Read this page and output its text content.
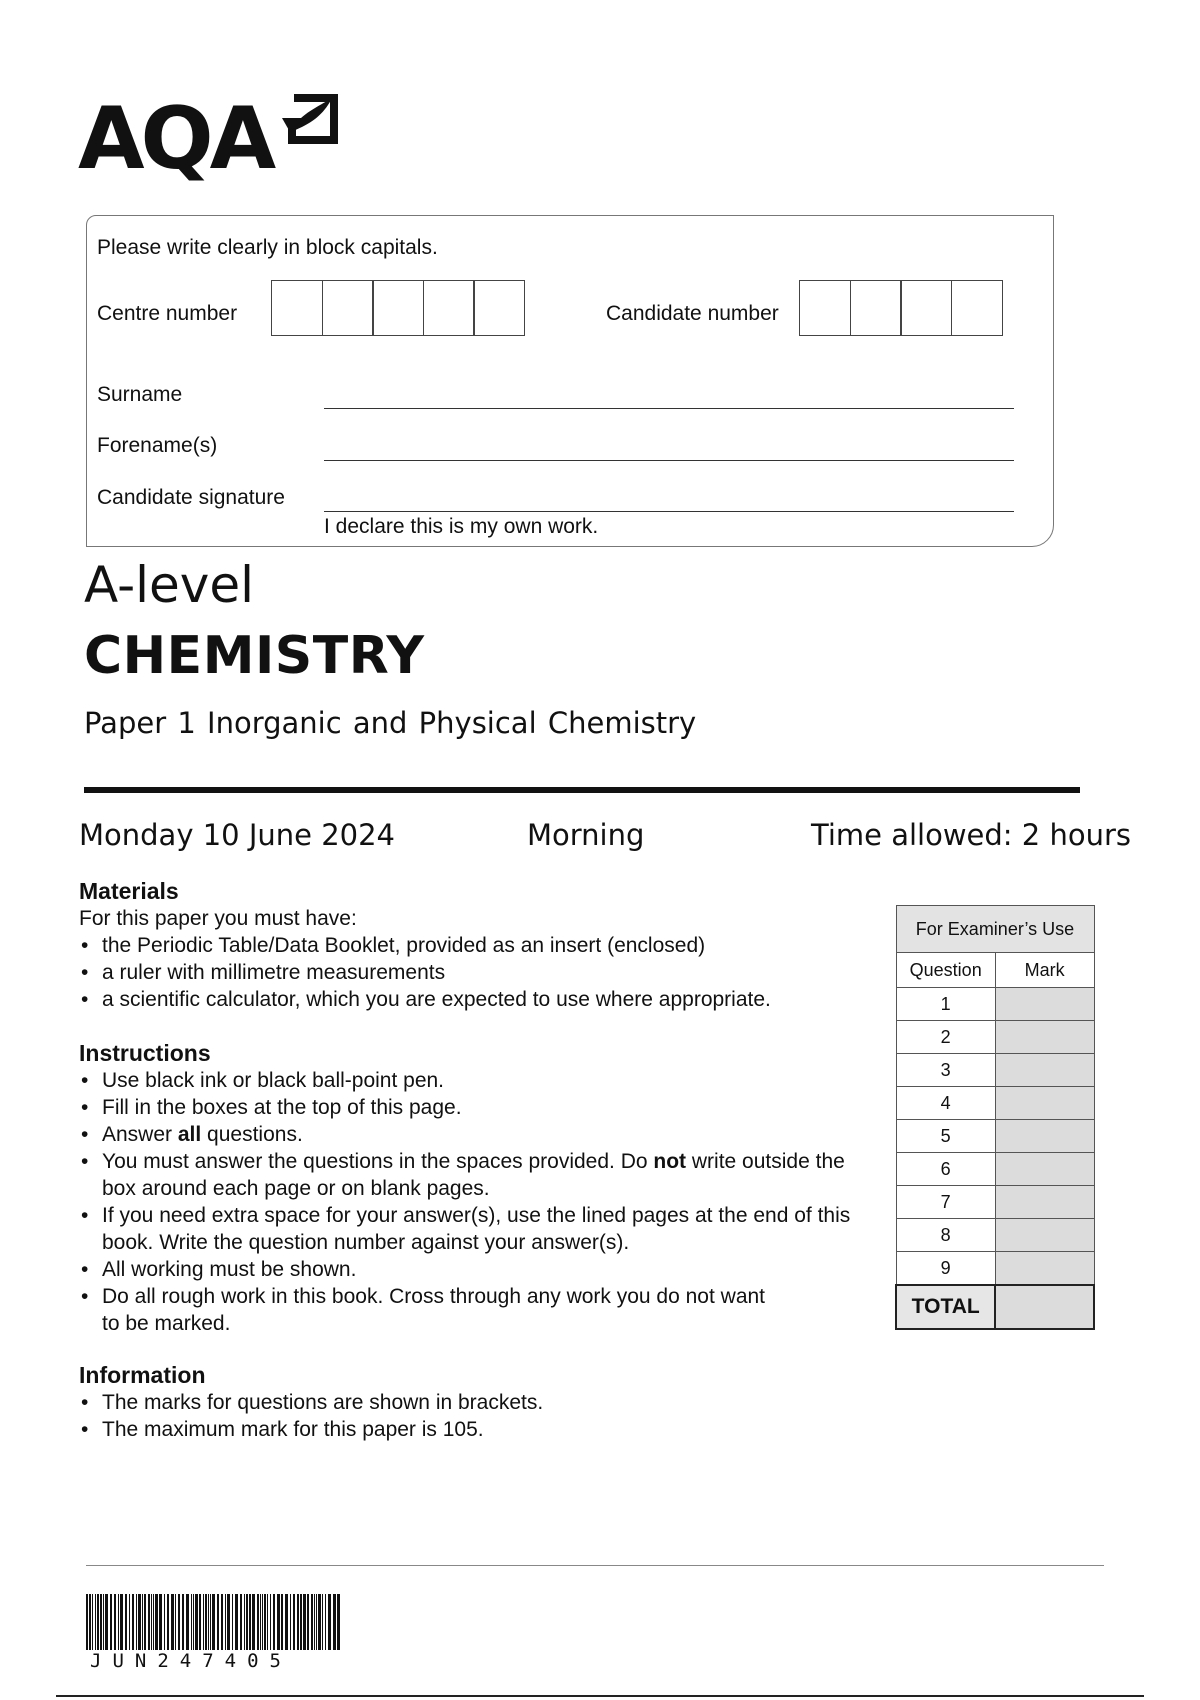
AQA
Please write clearly in block capitals.
Centre number	Candidate number
Surname
Forename(s)
Candidate signature
I declare this is my own work.
A-level
CHEMISTRY
Paper 1 Inorganic and Physical Chemistry
Monday 10 June 2024	Morning	Time allowed: 2 hours
Materials
For this paper you must have:
• the Periodic Table/Data Booklet, provided as an insert (enclosed)
• a ruler with millimetre measurements
• a scientific calculator, which you are expected to use where appropriate.
Instructions
• Use black ink or black ball-point pen.
• Fill in the boxes at the top of this page.
• Answer all questions.
• You must answer the questions in the spaces provided. Do not write outside the box around each page or on blank pages.
• If you need extra space for your answer(s), use the lined pages at the end of this book. Write the question number against your answer(s).
• All working must be shown.
• Do all rough work in this book. Cross through any work you do not want to be marked.
Information
• The marks for questions are shown in brackets.
• The maximum mark for this paper is 105.
For Examiner’s Use	
Question	Mark
1	
2	
3	
4	
5	
6	
7	
8	
9	
TOTAL	
JUN247405
